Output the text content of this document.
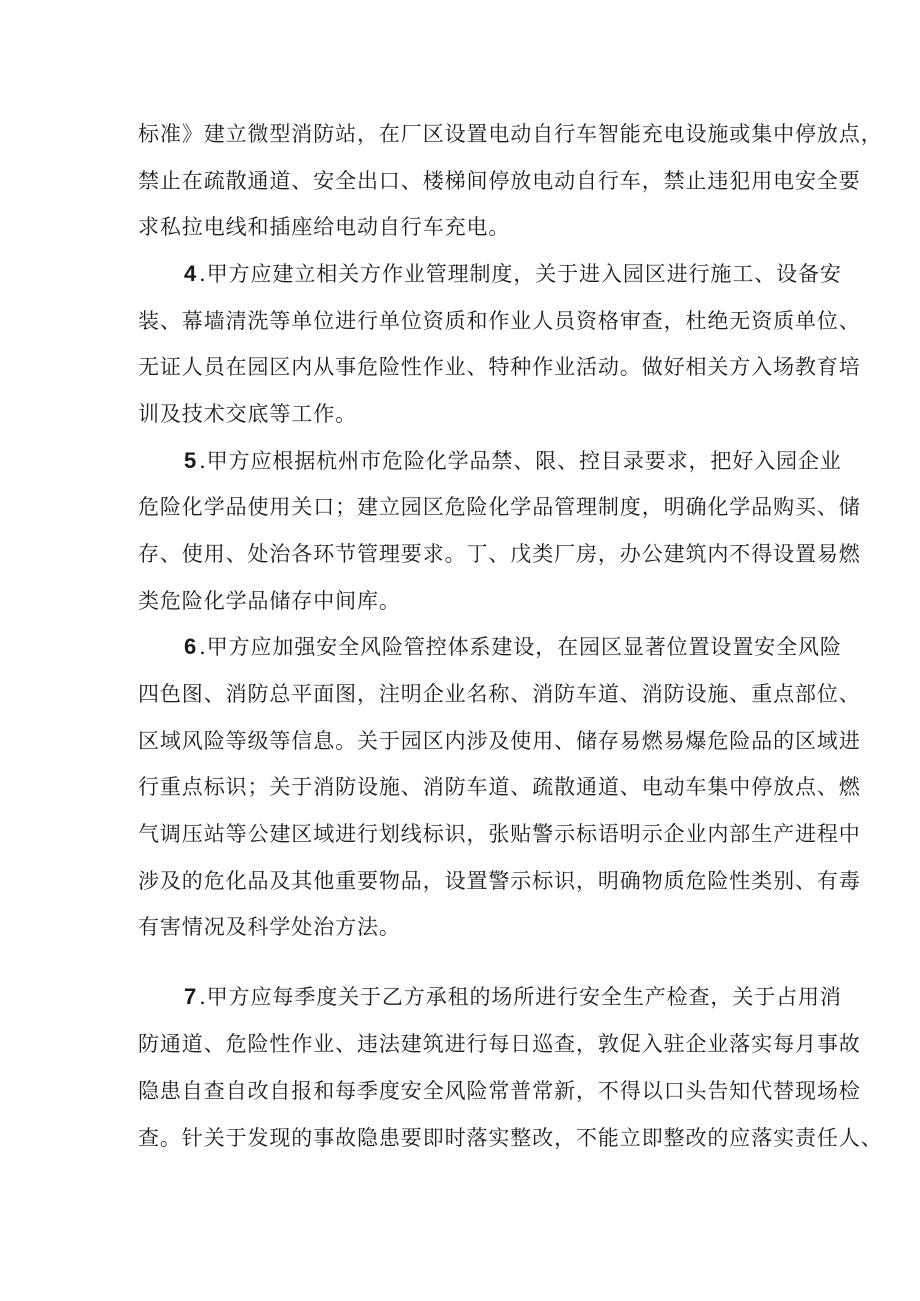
标准》建立微型消防站，在厂区设置电动自行车智能充电设施或集中停放点，
禁止在疏散通道、安全出口、楼梯间停放电动自行车，禁止违犯用电安全要
求私拉电线和插座给电动自行车充电。
4.甲方应建立相关方作业管理制度，关于进入园区进行施工、设备安
装、幕墙清洗等单位进行单位资质和作业人员资格审查，杜绝无资质单位、
无证人员在园区内从事危险性作业、特种作业活动。做好相关方入场教育培
训及技术交底等工作。
5.甲方应根据杭州市危险化学品禁、限、控目录要求，把好入园企业
危险化学品使用关口；建立园区危险化学品管理制度，明确化学品购买、储
存、使用、处治各环节管理要求。丁、戊类厂房，办公建筑内不得设置易燃
类危险化学品储存中间库。
6.甲方应加强安全风险管控体系建设，在园区显著位置设置安全风险
四色图、消防总平面图，注明企业名称、消防车道、消防设施、重点部位、
区域风险等级等信息。关于园区内涉及使用、储存易燃易爆危险品的区域进
行重点标识；关于消防设施、消防车道、疏散通道、电动车集中停放点、燃
气调压站等公建区域进行划线标识，张贴警示标语明示企业内部生产进程中
涉及的危化品及其他重要物品，设置警示标识，明确物质危险性类别、有毒
有害情况及科学处治方法。
7.甲方应每季度关于乙方承租的场所进行安全生产检查，关于占用消
防通道、危险性作业、违法建筑进行每日巡查，敦促入驻企业落实每月事故
隐患自查自改自报和每季度安全风险常普常新，不得以口头告知代替现场检
查。针关于发现的事故隐患要即时落实整改，不能立即整改的应落实责任人、
